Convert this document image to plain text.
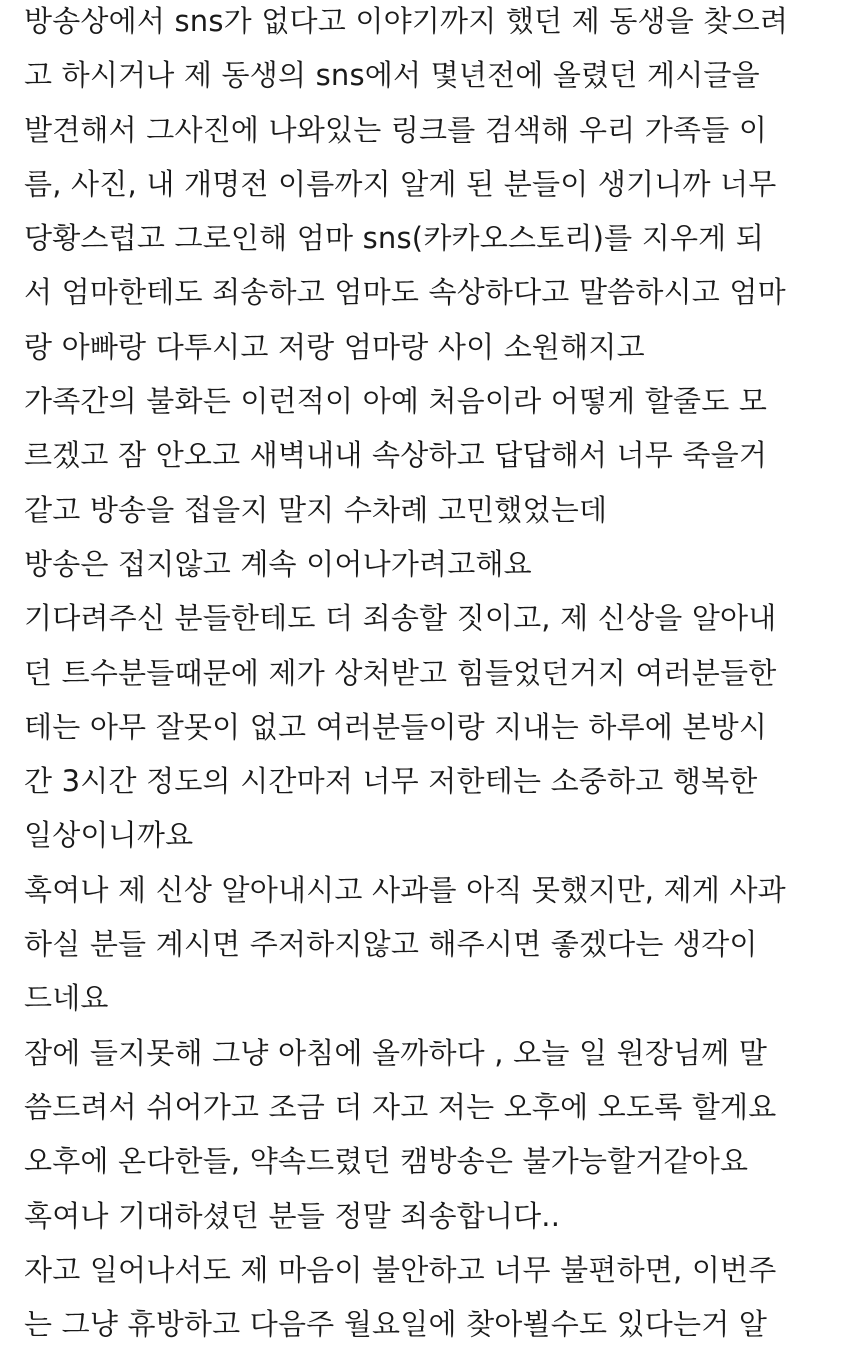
방송상에서 sns가 없다고 이야기까지 했던 제 동생을 찾으려

고 하시거나 제 동생의 sns에서 몇년전에 올렸던 게시글을

발견해서 그사진에 나와있는 링크를 검색해 우리 가족들 이

름, 사진, 내 개명전 이름까지 알게 된 분들이 생기니까 너무

당황스럽고 그로인해 엄마 sns(카카오스토리)를 지우게 되

서 엄마한테도 죄송하고 엄마도 속상하다고 말씀하시고 엄마

랑 아빠랑 다투시고 저랑 엄마랑 사이 소원해지고

가족간의 불화든 이런적이 아예 처음이라 어떻게 할줄도 모

르겠고 잠 안오고 새벽내내 속상하고 답답해서 너무 죽을거

같고 방송을 접을지 말지 수차례 고민했었는데

방송은 접지않고 계속 이어나가려고해요

기다려주신 분들한테도 더 죄송할 짓이고, 제 신상을 알아내

던 트수분들때문에 제가 상처받고 힘들었던거지 여러분들한

테는 아무 잘못이 없고 여러분들이랑 지내는 하루에 본방시

간 3시간 정도의 시간마저 너무 저한테는 소중하고 행복한

일상이니까요

혹여나 제 신상 알아내시고 사과를 아직 못했지만, 제게 사과

하실 분들 계시면 주저하지않고 해주시면 좋겠다는 생각이

드네요

잠에 들지못해 그냥 아침에 올까하다 , 오늘 일 원장님께 말

씀드려서 쉬어가고 조금 더 자고 저는 오후에 오도록 할게요

오후에 온다한들, 약속드렸던 캠방송은 불가능할거같아요

혹여나 기대하셨던 분들 정말 죄송합니다..

자고 일어나서도 제 마음이 불안하고 너무 불편하면, 이번주

는 그냥 휴방하고 다음주 월요일에 찾아뵐수도 있다는거 알
